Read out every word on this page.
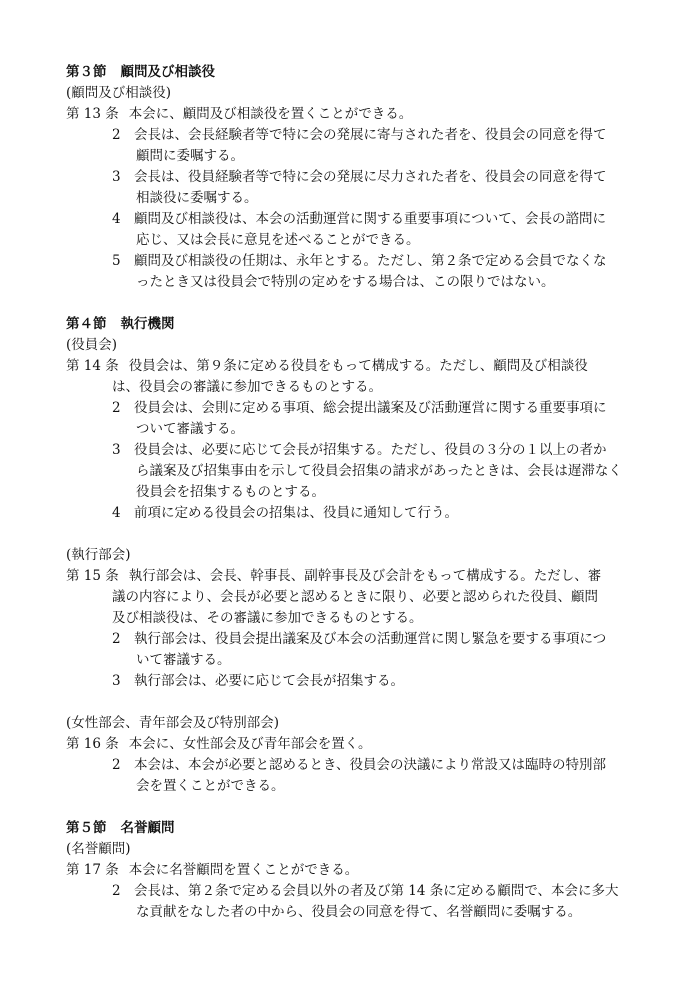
第３節 顧問及び相談役
(顧問及び相談役)
第 13 条 本会に、顧問及び相談役を置くことができる。
2 会長は、会長経験者等で特に会の発展に寄与された者を、役員会の同意を得て
顧問に委嘱する。
3 会長は、役員経験者等で特に会の発展に尽力された者を、役員会の同意を得て
相談役に委嘱する。
4 顧問及び相談役は、本会の活動運営に関する重要事項について、会長の諮問に
応じ、又は会長に意見を述べることができる。
5 顧問及び相談役の任期は、永年とする。ただし、第２条で定める会員でなくな
ったとき又は役員会で特別の定めをする場合は、この限りではない。
第４節 執行機関
(役員会)
第 14 条 役員会は、第９条に定める役員をもって構成する。ただし、顧問及び相談役
は、役員会の審議に参加できるものとする。
2 役員会は、会則に定める事項、総会提出議案及び活動運営に関する重要事項に
ついて審議する。
3 役員会は、必要に応じて会長が招集する。ただし、役員の３分の１以上の者か
ら議案及び招集事由を示して役員会招集の請求があったときは、会長は遅滞なく
役員会を招集するものとする。
4 前項に定める役員会の招集は、役員に通知して行う。
(執行部会)
第 15 条 執行部会は、会長、幹事長、副幹事長及び会計をもって構成する。ただし、審
議の内容により、会長が必要と認めるときに限り、必要と認められた役員、顧問
及び相談役は、その審議に参加できるものとする。
2 執行部会は、役員会提出議案及び本会の活動運営に関し緊急を要する事項につ
いて審議する。
3 執行部会は、必要に応じて会長が招集する。
(女性部会、青年部会及び特別部会)
第 16 条 本会に、女性部会及び青年部会を置く。
2 本会は、本会が必要と認めるとき、役員会の決議により常設又は臨時の特別部
会を置くことができる。
第５節 名誉顧問
(名誉顧問)
第 17 条 本会に名誉顧問を置くことができる。
2 会長は、第２条で定める会員以外の者及び第 14 条に定める顧問で、本会に多大
な貢献をなした者の中から、役員会の同意を得て、名誉顧問に委嘱する。
